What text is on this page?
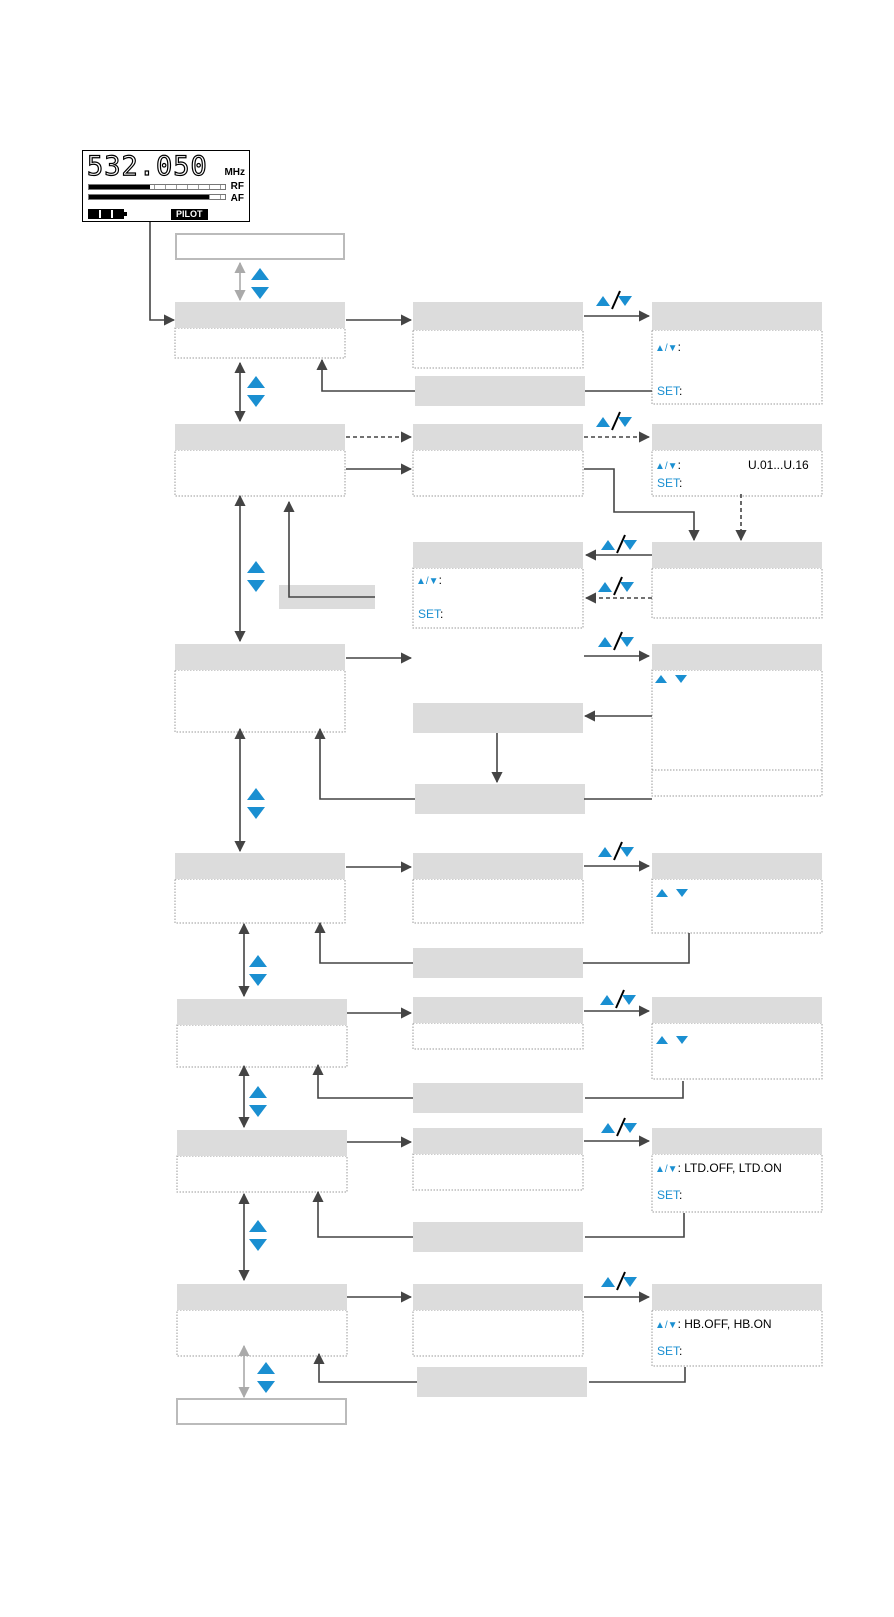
532.050 MHz
RF
AF
PILOT
▲/▼:
SET:
▲/▼:	U.01...U.16
SET:
▲/▼:
SET:
▲/▼: LTD.OFF, LTD.ON
SET:
▲/▼: HB.OFF, HB.ON
SET:
